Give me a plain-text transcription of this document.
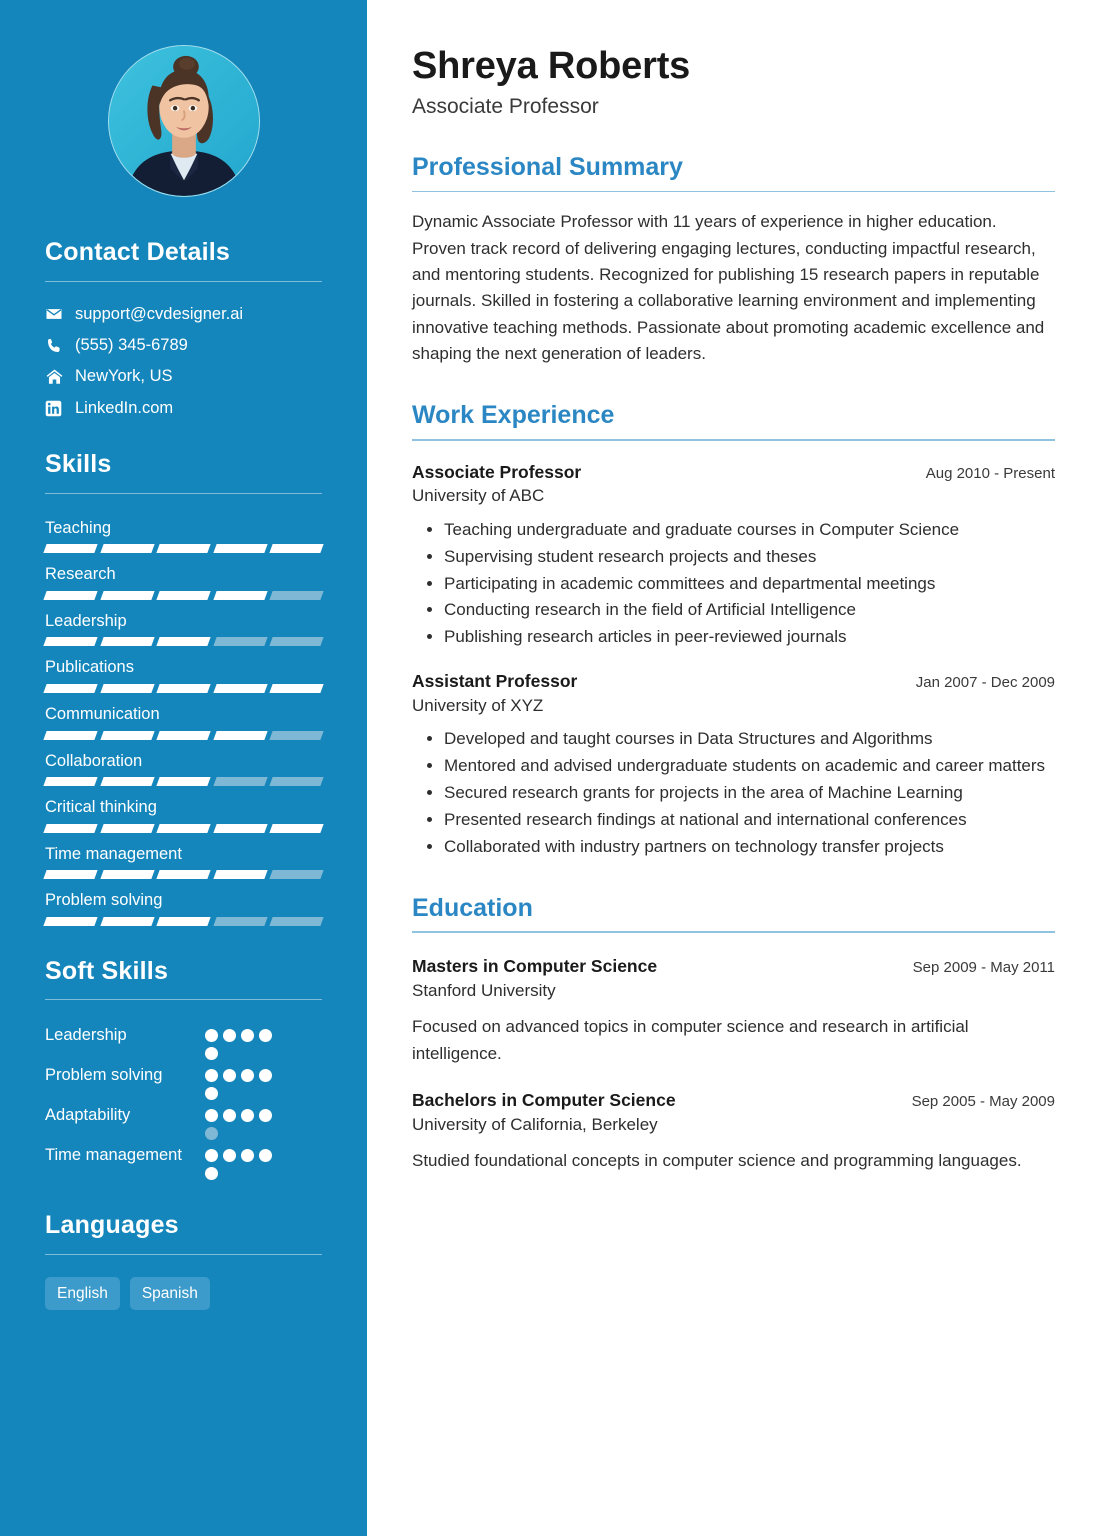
Contact Details
support@cvdesigner.ai
(555) 345-6789
NewYork, US
LinkedIn.com
Skills
Teaching
Research
Leadership
Publications
Communication
Collaboration
Critical thinking
Time management
Problem solving
Soft Skills
Leadership
Problem solving
Adaptability
Time management
Languages
English	Spanish
Shreya Roberts
Associate Professor
Professional Summary

Dynamic Associate Professor with 11 years of experience in higher education. Proven track record of delivering engaging lectures, conducting impactful research, and mentoring students. Recognized for publishing 15 research papers in reputable journals. Skilled in fostering a collaborative learning environment and implementing innovative teaching methods. Passionate about promoting academic excellence and shaping the next generation of leaders.

Work Experience
Associate Professor	Aug 2010 - Present
University of ABC
• Teaching undergraduate and graduate courses in Computer Science
• Supervising student research projects and theses
• Participating in academic committees and departmental meetings
• Conducting research in the field of Artificial Intelligence
• Publishing research articles in peer-reviewed journals
Assistant Professor	Jan 2007 - Dec 2009
University of XYZ
• Developed and taught courses in Data Structures and Algorithms
• Mentored and advised undergraduate students on academic and career matters
• Secured research grants for projects in the area of Machine Learning
• Presented research findings at national and international conferences
• Collaborated with industry partners on technology transfer projects
Education
Masters in Computer Science	Sep 2009 - May 2011
Stanford University
Focused on advanced topics in computer science and research in artificial intelligence.
Bachelors in Computer Science	Sep 2005 - May 2009
University of California, Berkeley
Studied foundational concepts in computer science and programming languages.
